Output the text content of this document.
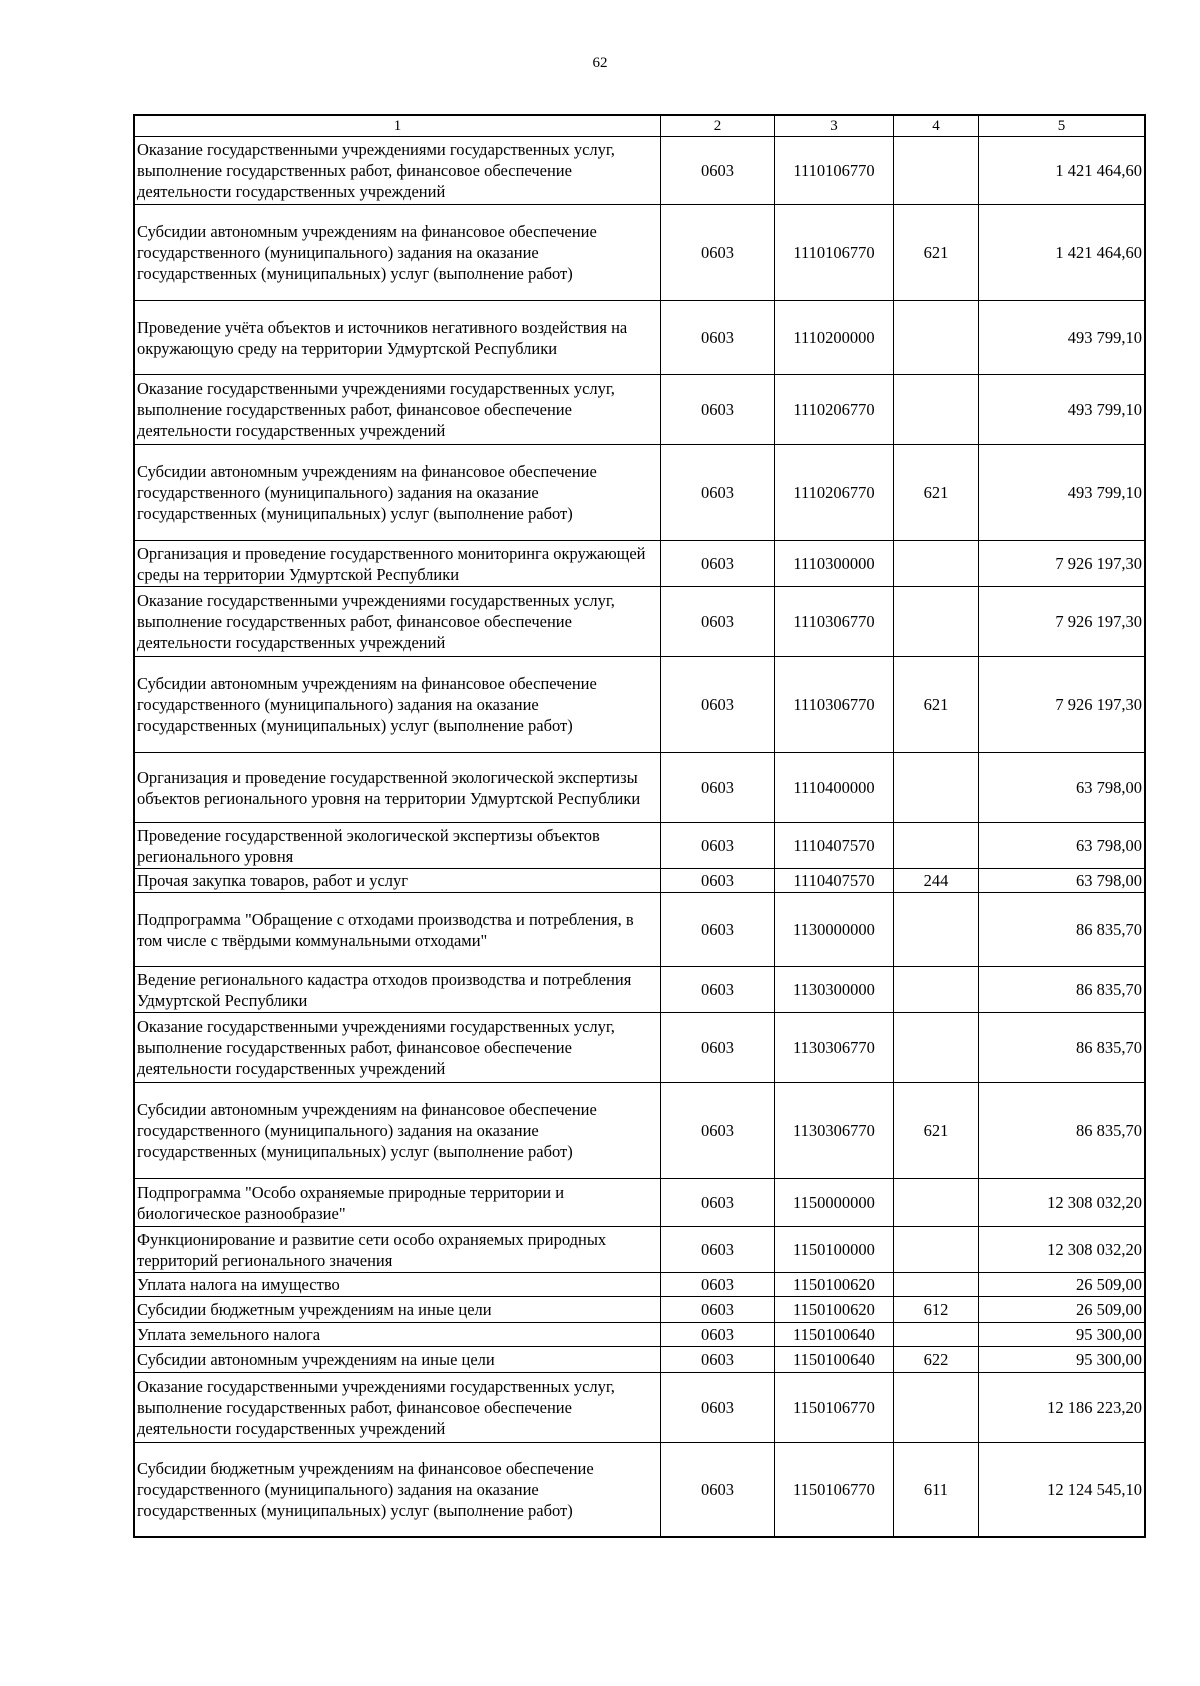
62
1	2	3	4	5
Оказание государственными учреждениями государственных услуг, выполнение государственных работ, финансовое обеспечение деятельности государственных учреждений	0603	1110106770		1 421 464,60
Субсидии автономным учреждениям на финансовое обеспечение государственного (муниципального) задания на оказание государственных (муниципальных) услуг (выполнение работ)	0603	1110106770	621	1 421 464,60
Проведение учёта объектов и источников негативного воздействия на окружающую среду на территории Удмуртской Республики	0603	1110200000		493 799,10
Оказание государственными учреждениями государственных услуг, выполнение государственных работ, финансовое обеспечение деятельности государственных учреждений	0603	1110206770		493 799,10
Субсидии автономным учреждениям на финансовое обеспечение государственного (муниципального) задания на оказание государственных (муниципальных) услуг (выполнение работ)	0603	1110206770	621	493 799,10
Организация и проведение государственного мониторинга окружающей среды на территории Удмуртской Республики	0603	1110300000		7 926 197,30
Оказание государственными учреждениями государственных услуг, выполнение государственных работ, финансовое обеспечение деятельности государственных учреждений	0603	1110306770		7 926 197,30
Субсидии автономным учреждениям на финансовое обеспечение государственного (муниципального) задания на оказание государственных (муниципальных) услуг (выполнение работ)	0603	1110306770	621	7 926 197,30
Организация и проведение государственной экологической экспертизы объектов регионального уровня на территории Удмуртской Республики	0603	1110400000		63 798,00
Проведение государственной экологической экспертизы объектов регионального уровня	0603	1110407570		63 798,00
Прочая закупка товаров, работ и услуг	0603	1110407570	244	63 798,00
Подпрограмма "Обращение с отходами производства и потребления, в том числе с твёрдыми коммунальными отходами"	0603	1130000000		86 835,70
Ведение регионального кадастра отходов производства и потребления Удмуртской Республики	0603	1130300000		86 835,70
Оказание государственными учреждениями государственных услуг, выполнение государственных работ, финансовое обеспечение деятельности государственных учреждений	0603	1130306770		86 835,70
Субсидии автономным учреждениям на финансовое обеспечение государственного (муниципального) задания на оказание государственных (муниципальных) услуг (выполнение работ)	0603	1130306770	621	86 835,70
Подпрограмма "Особо охраняемые природные территории и биологическое разнообразие"	0603	1150000000		12 308 032,20
Функционирование и развитие сети особо охраняемых природных территорий регионального значения	0603	1150100000		12 308 032,20
Уплата налога на имущество	0603	1150100620		26 509,00
Субсидии бюджетным учреждениям на иные цели	0603	1150100620	612	26 509,00
Уплата земельного налога	0603	1150100640		95 300,00
Субсидии автономным учреждениям на иные цели	0603	1150100640	622	95 300,00
Оказание государственными учреждениями государственных услуг, выполнение государственных работ, финансовое обеспечение деятельности государственных учреждений	0603	1150106770		12 186 223,20
Субсидии бюджетным учреждениям на финансовое обеспечение государственного (муниципального) задания на оказание государственных (муниципальных) услуг (выполнение работ)	0603	1150106770	611	12 124 545,10
